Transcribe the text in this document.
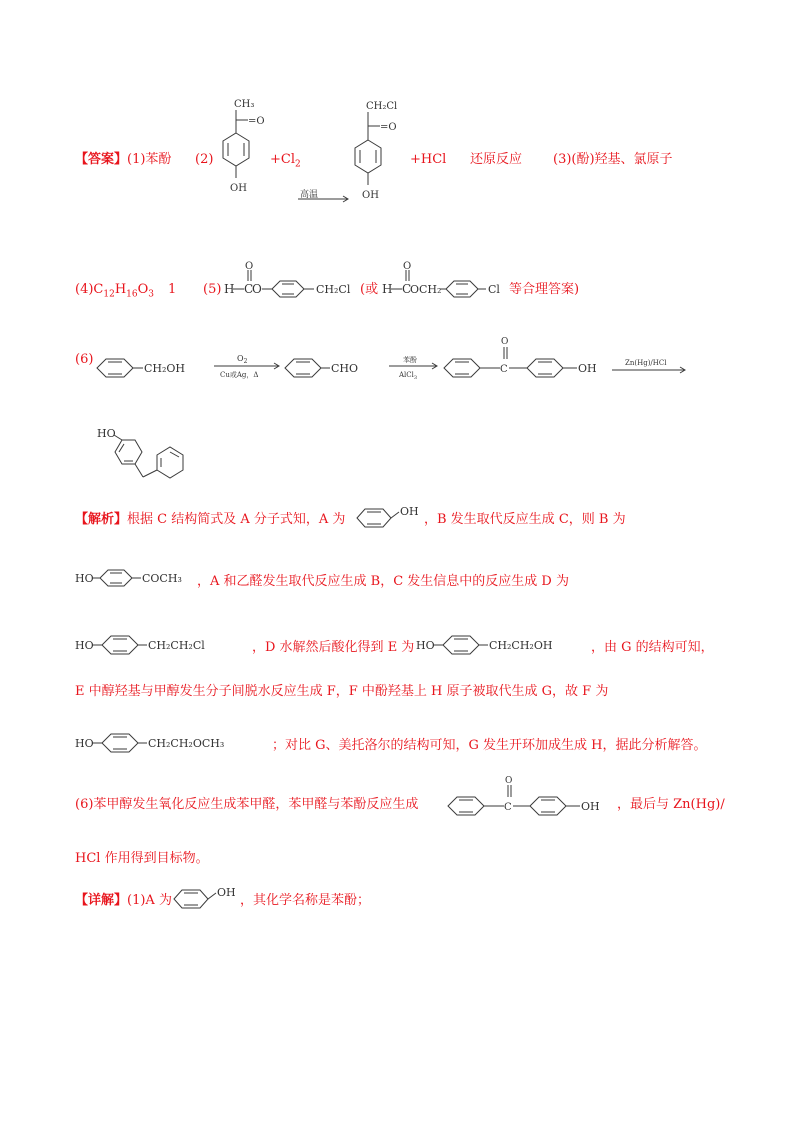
【答案】(1)苯酚 (2)
CH₃
=O
OH
$+Cl_2$
高温
CH₂Cl
=O
OH
+HCl 还原反应 (3)(酚)羟基、氯原子
$(4)C_{12}H_{16}O_3$ 1 (5) H C
O
O	CH₂Cl (或 H C
O
OCH₂	Cl 等合理答案)
(6)
CH₂OH
$O_2$
Cu或Ag，Δ	CHO
苯酚
AlCl$_3$
C
O
OH	Zn(Hg)/HCl
HO
【解析】根据 C 结构简式及 A 分子式知，A 为
OH
，B 发生取代反应生成 C，则 B 为
HO	COCH₃ ，A 和乙醛发生取代反应生成 B，C 发生信息中的反应生成 D 为
HO	CH₂CH₂Cl	，D 水解然后酸化得到 E 为 HO	CH₂CH₂OH	，由 G 的结构可知，
E 中醇羟基与甲醇发生分子间脱水反应生成 F，F 中酚羟基上 H 原子被取代生成 G，故 F 为
HO	CH₂CH₂OCH₃	；对比 G、美托洛尔的结构可知，G 发生开环加成生成 H，据此分析解答。
(6)苯甲醇发生氧化反应生成苯甲醛，苯甲醛与苯酚反应生成	C
O
OH ，最后与 Zn(Hg)/
HCl 作用得到目标物。
【详解】(1)A 为
OH
，其化学名称是苯酚；
